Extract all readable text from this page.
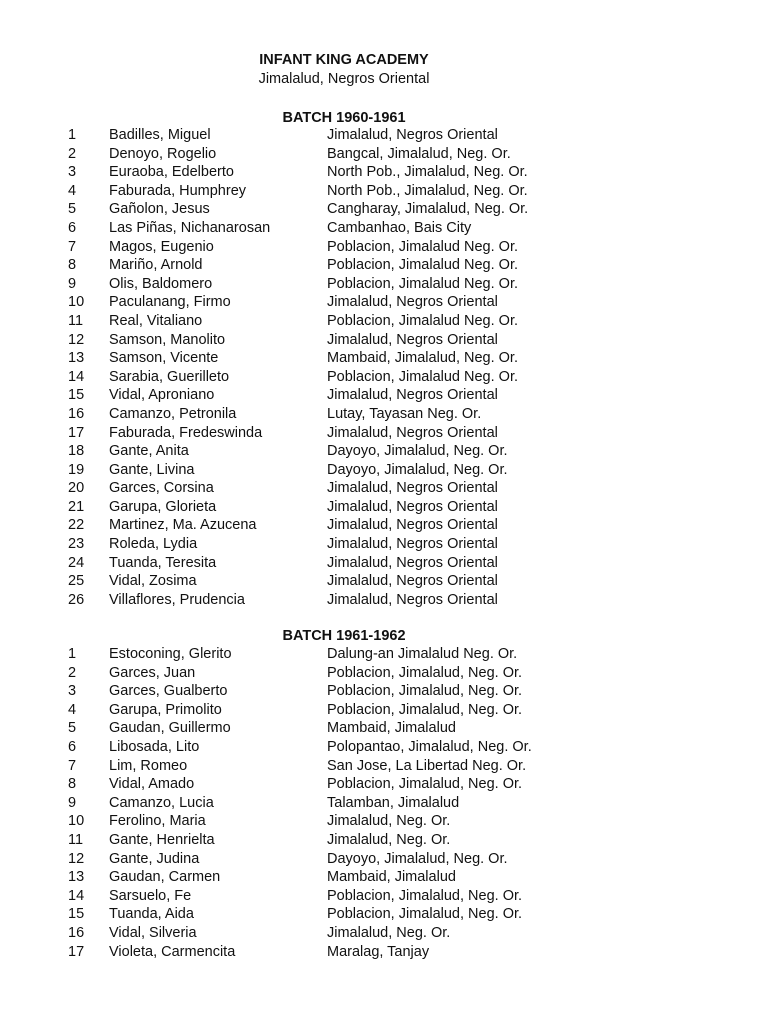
INFANT KING ACADEMY
Jimalalud, Negros Oriental
BATCH 1960-1961
1 Badilles, Miguel	Jimalalud, Negros Oriental
2 Denoyo, Rogelio	Bangcal, Jimalalud, Neg. Or.
3 Euraoba, Edelberto	North Pob., Jimalalud, Neg. Or.
4 Faburada, Humphrey	North Pob., Jimalalud, Neg. Or.
5 Gañolon, Jesus	Cangharay, Jimalalud, Neg. Or.
6 Las Piñas, Nichanarosan	Cambanhao, Bais City
7 Magos, Eugenio	Poblacion, Jimalalud Neg. Or.
8 Mariño, Arnold	Poblacion, Jimalalud Neg. Or.
9 Olis, Baldomero	Poblacion, Jimalalud Neg. Or.
10 Paculanang, Firmo	Jimalalud, Negros Oriental
11 Real, Vitaliano	Poblacion, Jimalalud Neg. Or.
12 Samson, Manolito	Jimalalud, Negros Oriental
13 Samson, Vicente	Mambaid, Jimalalud, Neg. Or.
14 Sarabia, Guerilleto	Poblacion, Jimalalud Neg. Or.
15 Vidal, Aproniano	Jimalalud, Negros Oriental
16 Camanzo, Petronila	Lutay, Tayasan Neg. Or.
17 Faburada, Fredeswinda	Jimalalud, Negros Oriental
18 Gante, Anita	Dayoyo, Jimalalud, Neg. Or.
19 Gante, Livina	Dayoyo, Jimalalud, Neg. Or.
20 Garces, Corsina	Jimalalud, Negros Oriental
21 Garupa, Glorieta	Jimalalud, Negros Oriental
22 Martinez, Ma. Azucena	Jimalalud, Negros Oriental
23 Roleda, Lydia	Jimalalud, Negros Oriental
24 Tuanda, Teresita	Jimalalud, Negros Oriental
25 Vidal, Zosima	Jimalalud, Negros Oriental
26 Villaflores, Prudencia	Jimalalud, Negros Oriental
BATCH 1961-1962
1 Estoconing, Glerito	Dalung-an Jimalalud Neg. Or.
2 Garces, Juan	Poblacion, Jimalalud, Neg. Or.
3 Garces, Gualberto	Poblacion, Jimalalud, Neg. Or.
4 Garupa, Primolito	Poblacion, Jimalalud, Neg. Or.
5 Gaudan, Guillermo	Mambaid, Jimalalud
6 Libosada, Lito	Polopantao, Jimalalud, Neg. Or.
7 Lim, Romeo	San Jose, La Libertad Neg. Or.
8 Vidal, Amado	Poblacion, Jimalalud, Neg. Or.
9 Camanzo, Lucia	Talamban, Jimalalud
10 Ferolino, Maria	Jimalalud, Neg. Or.
11 Gante, Henrielta	Jimalalud, Neg. Or.
12 Gante, Judina	Dayoyo, Jimalalud, Neg. Or.
13 Gaudan, Carmen	Mambaid, Jimalalud
14 Sarsuelo, Fe	Poblacion, Jimalalud, Neg. Or.
15 Tuanda, Aida	Poblacion, Jimalalud, Neg. Or.
16 Vidal, Silveria	Jimalalud, Neg. Or.
17 Violeta, Carmencita	Maralag, Tanjay
